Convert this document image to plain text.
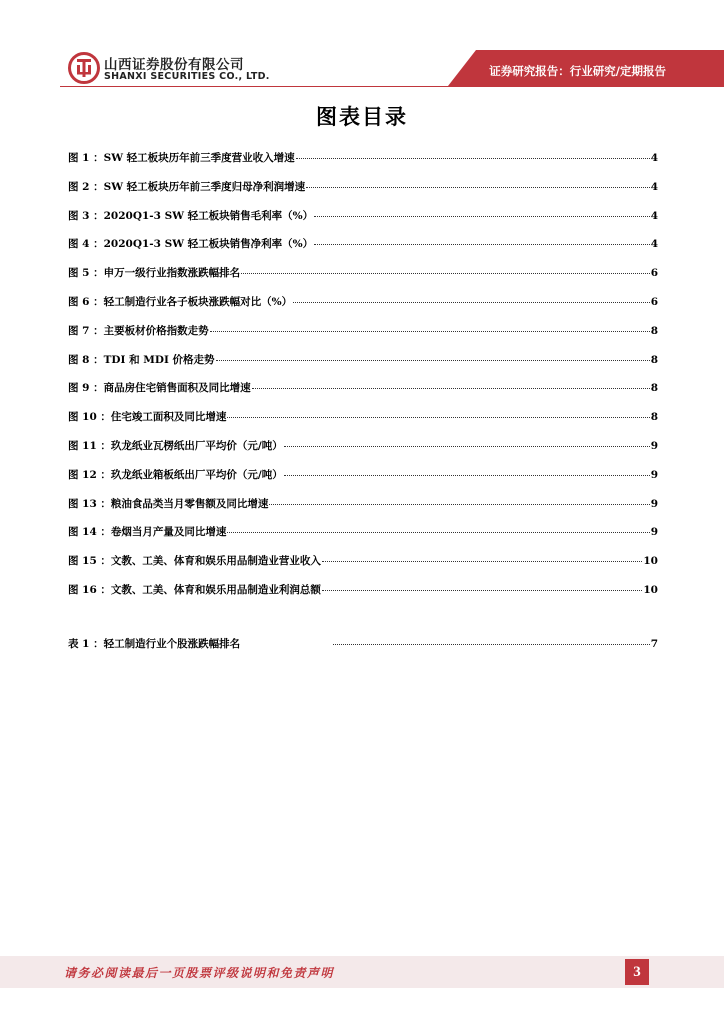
山西证券股份有限公司
SHANXI SECURITIES CO., LTD.	证券研究报告：行业研究/定期报告
图表目录
图 1 ：SW 轻工板块历年前三季度营业收入增速	4
图 2 ：SW 轻工板块历年前三季度归母净利润增速	4
图 3 ：2020Q1-3 SW 轻工板块销售毛利率（%）	4
图 4 ：2020Q1-3 SW 轻工板块销售净利率（%）	4
图 5 ：申万一级行业指数涨跌幅排名	6
图 6 ：轻工制造行业各子板块涨跌幅对比（%）	6
图 7 ：主要板材价格指数走势	8
图 8 ：TDI 和 MDI 价格走势	8
图 9 ：商品房住宅销售面积及同比增速	8
图 10 ：住宅竣工面积及同比增速	8
图 11 ：玖龙纸业瓦楞纸出厂平均价（元/吨）	9
图 12 ：玖龙纸业箱板纸出厂平均价（元/吨）	9
图 13 ：粮油食品类当月零售额及同比增速	9
图 14 ：卷烟当月产量及同比增速	9
图 15 ：文教、工美、体育和娱乐用品制造业营业收入	10
图 16 ：文教、工美、体育和娱乐用品制造业利润总额	10
表 1 ：轻工制造行业个股涨跌幅排名	7
请务必阅读最后一页股票评级说明和免责声明	3
